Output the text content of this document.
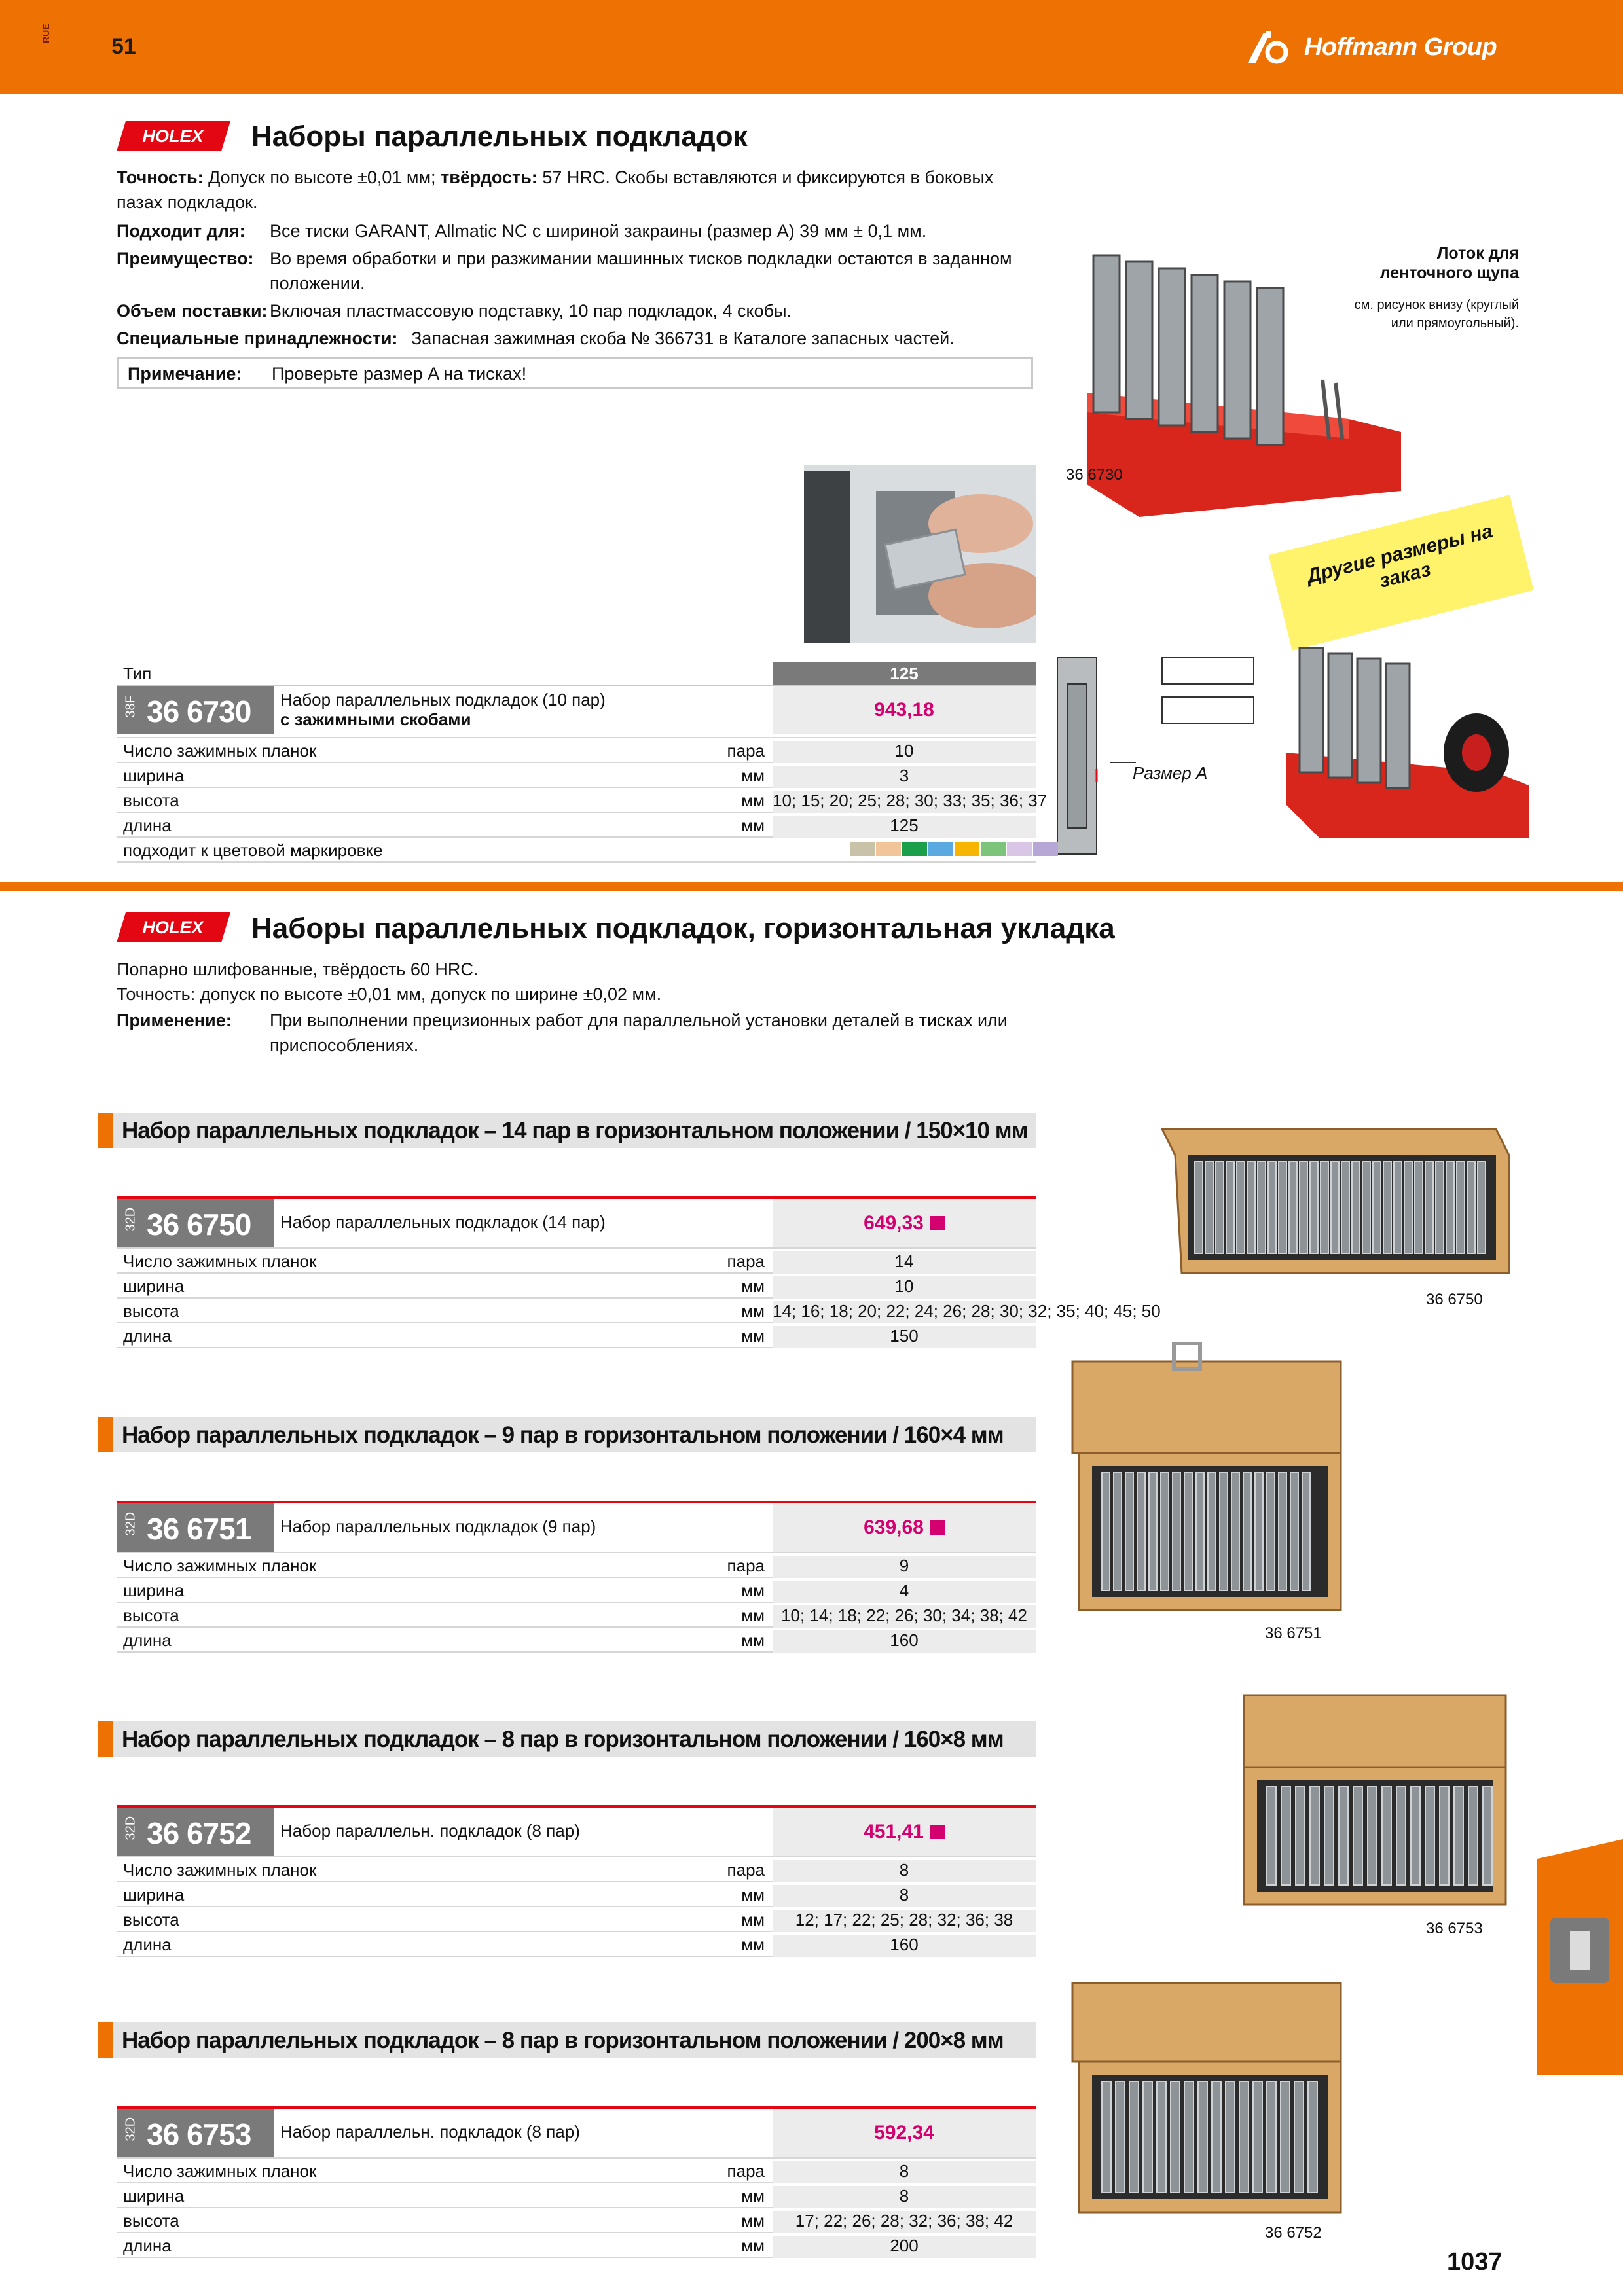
RUE
51	Hoffmann Group
HOLEX Наборы параллельных подкладок
Точность: Допуск по высоте ±0,01 мм; твёрдость: 57 HRC. Скобы вставляются и фиксируются в боковых пазах подкладок.
Подходит для: Все тиски GARANT, Allmatic NC с шириной закраины (размер A) 39 мм ± 0,1 мм.
Преимущество: Во время обработки и при разжимании машинных тисков подкладки остаются в заданном положении.
Объем поставки: Включая пластмассовую подставку, 10 пар подкладок, 4 скобы.
Специальные принадлежности: Запасная зажимная скоба № 366731 в Каталоге запасных частей.
Примечание: Проверьте размер A на тисках!
36 6730
Лоток для ленточного щупа
см. рисунок внизу (круглый или прямоугольный).
Другие размеры на заказ
Размер A
Тип	125
38F 36 6730 Набор параллельных подкладок (10 пар)
с зажимными скобами	943,18
Число зажимных планок	пара	10
ширина	мм	3
высота	мм 10; 15; 20; 25; 28; 30; 33; 35; 36; 37
длина	мм	125
подходит к цветовой маркировке
HOLEX Наборы параллельных подкладок, горизонтальная укладка
Попарно шлифованные, твёрдость 60 HRC.
Точность: допуск по высоте ±0,01 мм, допуск по ширине ±0,02 мм.
Применение: При выполнении прецизионных работ для параллельной установки деталей в тисках или приспособлениях.
Набор параллельных подкладок – 14 пар в горизонтальном положении / 150×10 мм
32D 36 6750 Набор параллельных подкладок (14 пар)	649,33
Число зажимных планок	пара	14
ширина	мм	10
высота	мм 14; 16; 18; 20; 22; 24; 26; 28; 30; 32; 35; 40; 45; 50
длина	мм	150
Набор параллельных подкладок – 9 пар в горизонтальном положении / 160×4 мм
32D 36 6751 Набор параллельных подкладок (9 пар)	639,68
Число зажимных планок	пара	9
ширина	мм	4
высота	мм 10; 14; 18; 22; 26; 30; 34; 38; 42
длина	мм	160
Набор параллельных подкладок – 8 пар в горизонтальном положении / 160×8 мм
32D 36 6752 Набор параллельн. подкладок (8 пар)	451,41
Число зажимных планок	пара	8
ширина	мм	8
высота	мм	12; 17; 22; 25; 28; 32; 36; 38
длина	мм	160
Набор параллельных подкладок – 8 пар в горизонтальном положении / 200×8 мм
32D 36 6753 Набор параллельн. подкладок (8 пар)	592,34
Число зажимных планок	пара	8
ширина	мм	8
высота	мм	17; 22; 26; 28; 32; 36; 38; 42
длина	мм	200
36 6750
36 6751
36 6753
36 6752
1037
